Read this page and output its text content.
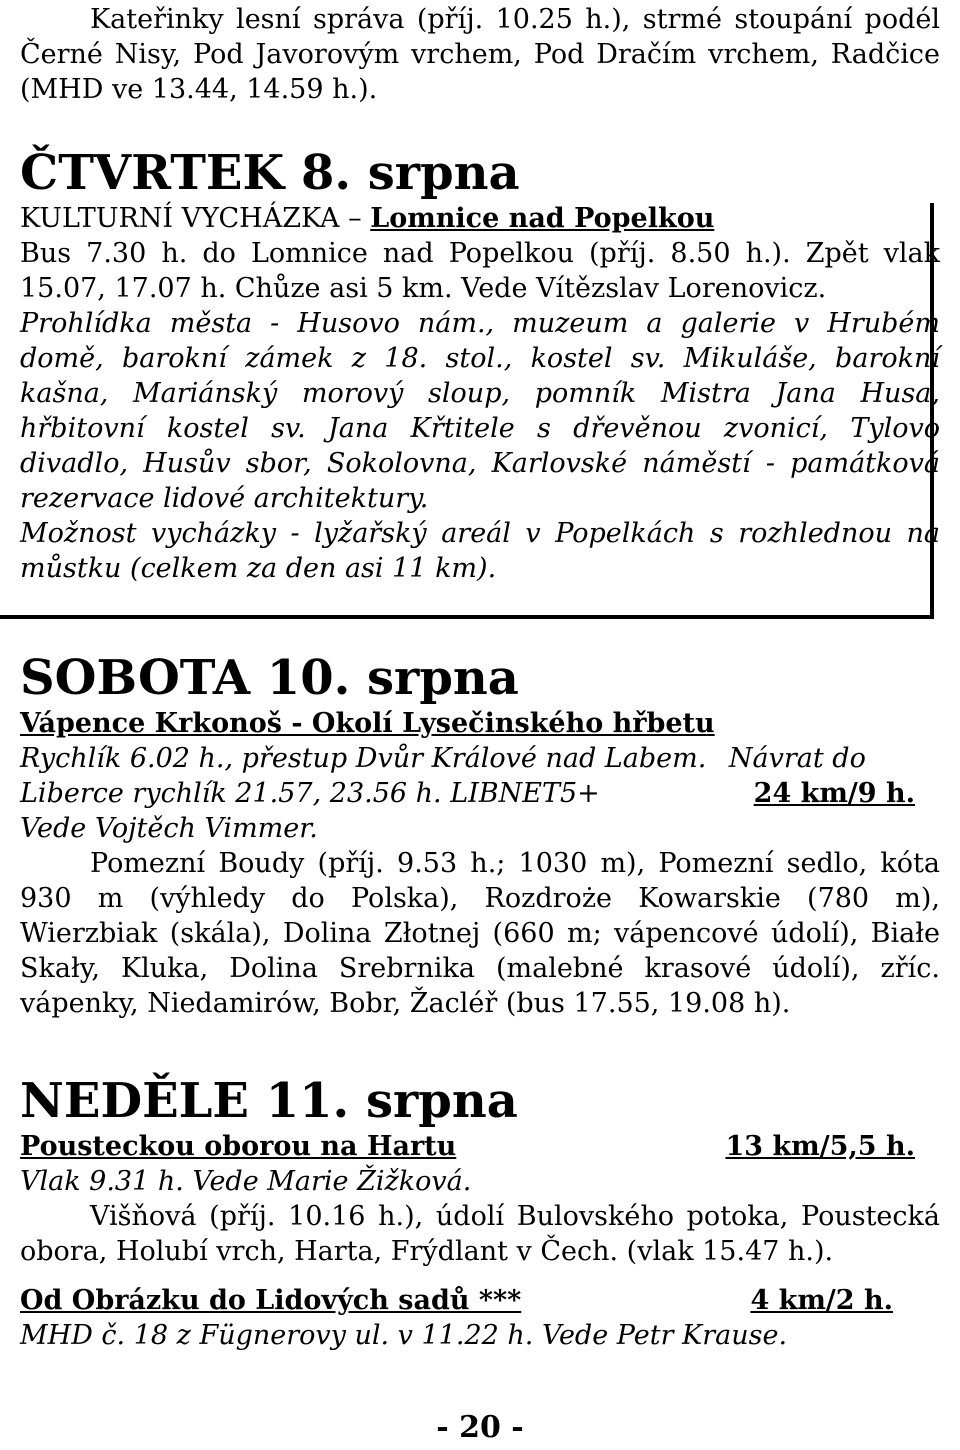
Kateřinky lesní správa (příj. 10.25 h.), strmé stoupání podél Černé Nisy, Pod Javorovým vrchem, Pod Dračím vrchem, Radčice (MHD ve 13.44, 14.59 h.).

ČTVRTEK 8. srpna

KULTURNÍ VYCHÁZKA – Lomnice nad Popelkou

Bus 7.30 h. do Lomnice nad Popelkou (příj. 8.50 h.). Zpět vlak 15.07, 17.07 h. Chůze asi 5 km. Vede Vítězslav Lorenovicz.

Prohlídka města - Husovo nám., muzeum a galerie v Hrubém domě, barokní zámek z 18. stol., kostel sv. Mikuláše, barokní kašna, Mariánský morový sloup, pomník Mistra Jana Husa, hřbitovní kostel sv. Jana Křtitele s dřevěnou zvonicí, Tylovo divadlo, Husův sbor, Sokolovna, Karlovské náměstí - památková rezervace lidové architektury.

Možnost vycházky - lyžařský areál v Popelkách s rozhlednou na můstku (celkem za den asi 11 km).

SOBOTA 10. srpna

Vápence Krkonoš - Okolí Lysečinského hřbetu

Rychlík 6.02 h., přestup Dvůr Králové nad Labem. Návrat do

Liberce rychlík 21.57, 23.56 h. LIBNET5+	24 km/9 h.

Vede Vojtěch Vimmer.

Pomezní Boudy (příj. 9.53 h.; 1030 m), Pomezní sedlo, kóta 930 m (výhledy do Polska), Rozdroże Kowarskie (780 m), Wierzbiak (skála), Dolina Złotnej (660 m; vápencové údolí), Białe Skały, Kluka, Dolina Srebrnika (malebné krasové údolí), zříc. vápenky, Niedamirów, Bobr, Žacléř (bus 17.55, 19.08 h).

NEDĚLE 11. srpna
Pousteckou oborou na Hartu	13 km/5,5 h.

Vlak 9.31 h. Vede Marie Žižková.

Višňová (příj. 10.16 h.), údolí Bulovského potoka, Poustecká obora, Holubí vrch, Harta, Frýdlant v Čech. (vlak 15.47 h.).

Od Obrázku do Lidových sadů ***	4 km/2 h.

MHD č. 18 z Fügnerovy ul. v 11.22 h. Vede Petr Krause.

- 20 -
